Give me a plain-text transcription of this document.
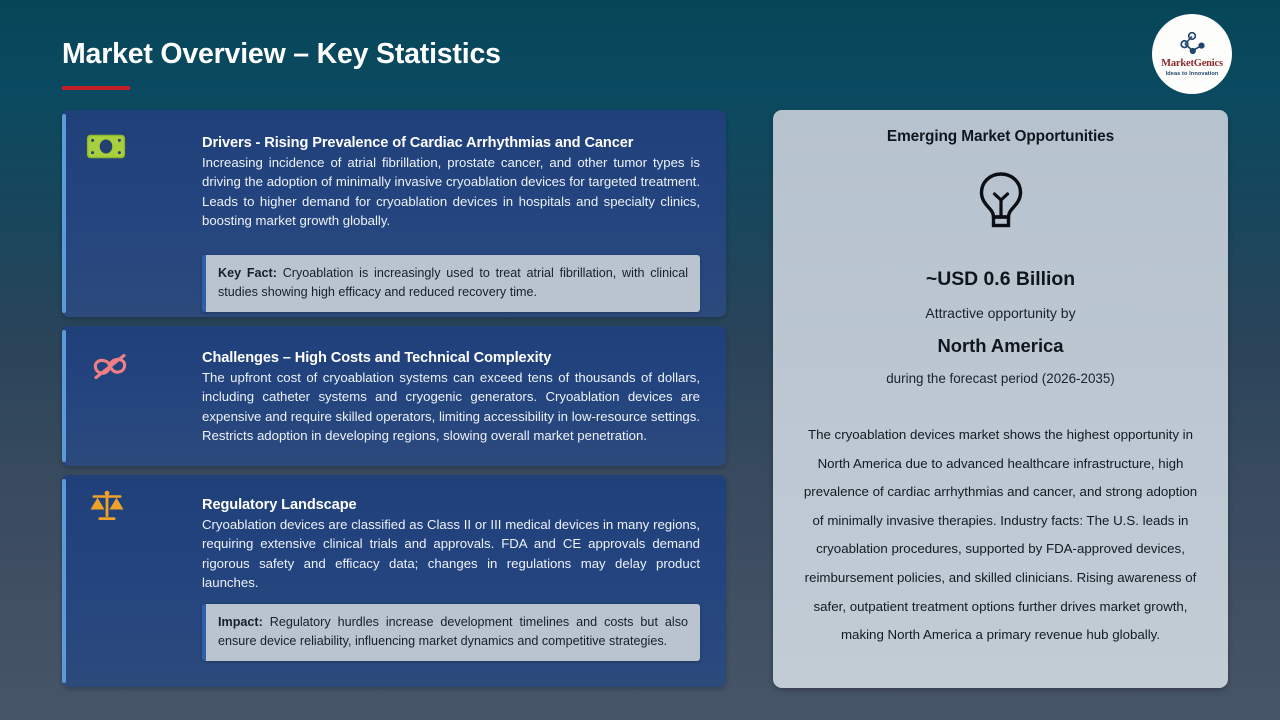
Market Overview – Key Statistics	MarketGenics
Ideas to Innovation
Drivers - Rising Prevalence of Cardiac Arrhythmias and Cancer
Increasing incidence of atrial fibrillation, prostate cancer, and other tumor types is driving the adoption of minimally invasive cryoablation devices for targeted treatment. Leads to higher demand for cryoablation devices in hospitals and specialty clinics, boosting market growth globally.
Key Fact: Cryoablation is increasingly used to treat atrial fibrillation, with clinical studies showing high efficacy and reduced recovery time.
Challenges – High Costs and Technical Complexity
The upfront cost of cryoablation systems can exceed tens of thousands of dollars, including catheter systems and cryogenic generators. Cryoablation devices are expensive and require skilled operators, limiting accessibility in low-resource settings. Restricts adoption in developing regions, slowing overall market penetration.
Regulatory Landscape
Cryoablation devices are classified as Class II or III medical devices in many regions, requiring extensive clinical trials and approvals. FDA and CE approvals demand rigorous safety and efficacy data; changes in regulations may delay product launches.
Impact: Regulatory hurdles increase development timelines and costs but also ensure device reliability, influencing market dynamics and competitive strategies.
Emerging Market Opportunities
~USD 0.6 Billion
Attractive opportunity by
North America
during the forecast period (2026-2035)
The cryoablation devices market shows the highest opportunity in North America due to advanced healthcare infrastructure, high prevalence of cardiac arrhythmias and cancer, and strong adoption of minimally invasive therapies. Industry facts: The U.S. leads in cryoablation procedures, supported by FDA-approved devices, reimbursement policies, and skilled clinicians. Rising awareness of safer, outpatient treatment options further drives market growth, making North America a primary revenue hub globally.
